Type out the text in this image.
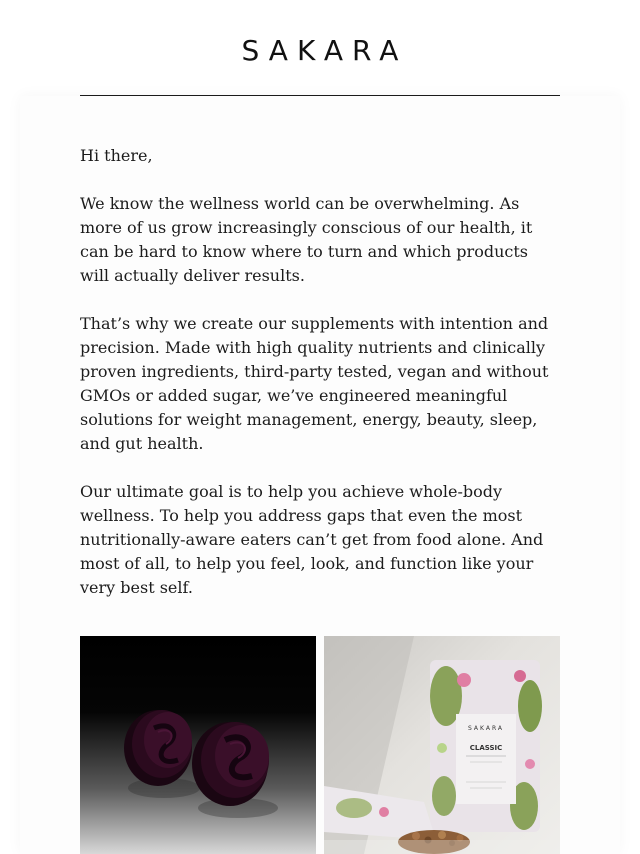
SAKARA

Hi there,

We know the wellness world can be overwhelming. As more of us grow increasingly conscious of our health, it can be hard to know where to turn and which products will actually deliver results.

That’s why we create our supplements with intention and precision. Made with high quality nutrients and clinically proven ingredients, third-party tested, vegan and without GMOs or added sugar, we’ve engineered meaningful solutions for weight management, energy, beauty, sleep, and gut health.

Our ultimate goal is to help you achieve whole-body wellness. To help you address gaps that even the most nutritionally-aware eaters can’t get from food alone. And most of all, to help you feel, look, and function like your very best self.

SAKARA
CLASSIC
